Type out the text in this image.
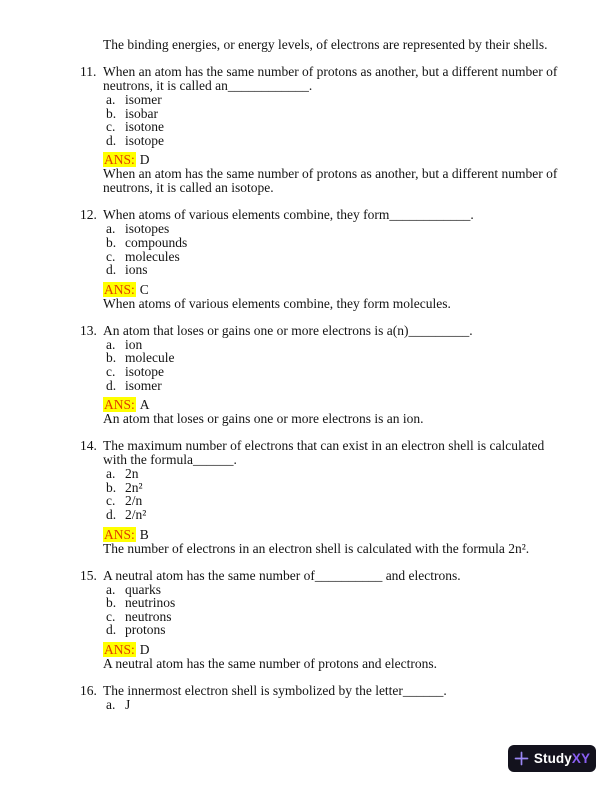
The binding energies, or energy levels, of electrons are represented by their shells.
11. When an atom has the same number of protons as another, but a different number of neutrons, it is called an____________.
a. isomer
b. isobar
c. isotone
d. isotope
ANS: D
When an atom has the same number of protons as another, but a different number of neutrons, it is called an isotope.
12. When atoms of various elements combine, they form____________.
a. isotopes
b. compounds
c. molecules
d. ions
ANS: C
When atoms of various elements combine, they form molecules.
13. An atom that loses or gains one or more electrons is a(n)_________.
a. ion
b. molecule
c. isotope
d. isomer
ANS: A
An atom that loses or gains one or more electrons is an ion.
14. The maximum number of electrons that can exist in an electron shell is calculated with the formula______.
a. 2n
b. 2n²
c. 2/n
d. 2/n²
ANS: B
The number of electrons in an electron shell is calculated with the formula 2n².
15. A neutral atom has the same number of__________ and electrons.
a. quarks
b. neutrinos
c. neutrons
d. protons
ANS: D
A neutral atom has the same number of protons and electrons.
16. The innermost electron shell is symbolized by the letter______.
a. J
StudyXY
